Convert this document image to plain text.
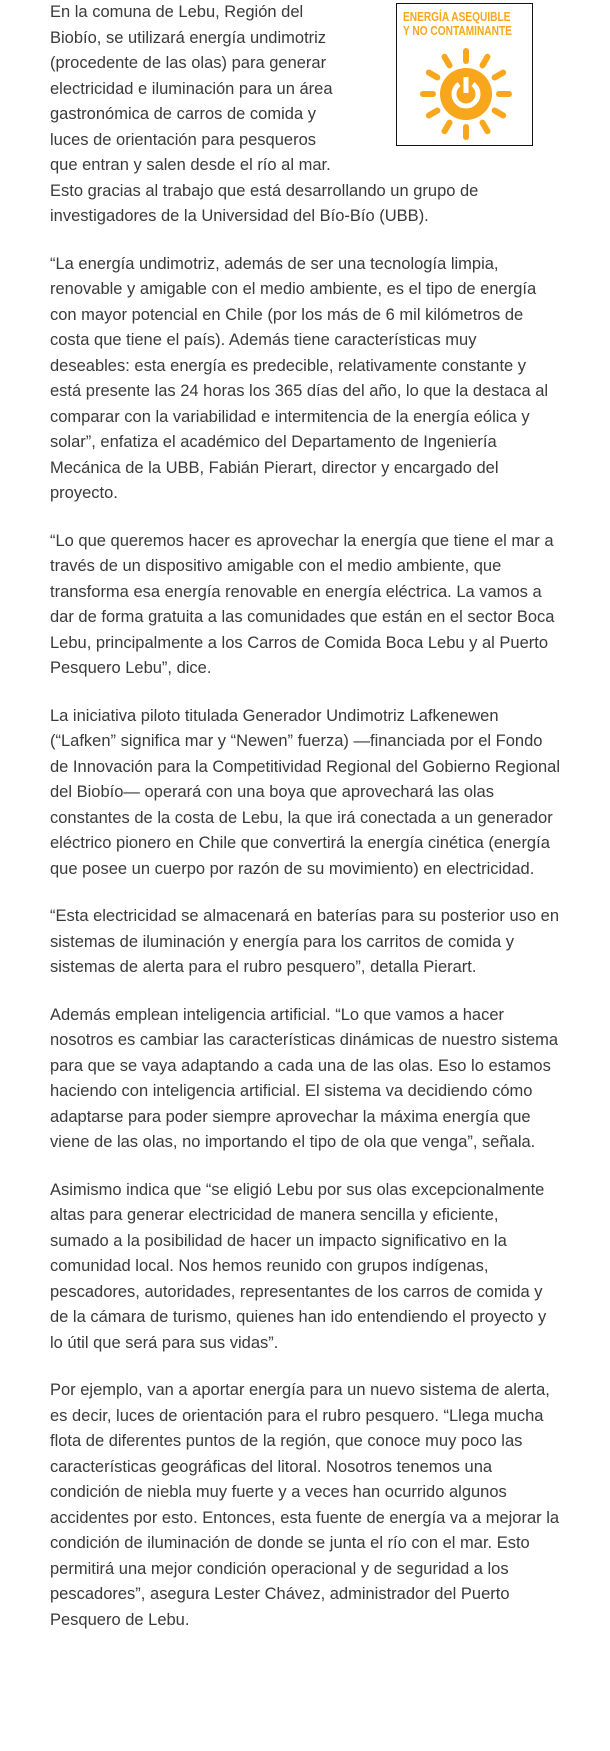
ENERGÍA ASEQUIBLE
Y NO CONTAMINANTE

En la comuna de Lebu, Región del Biobío, se utilizará energía undimotriz (procedente de las olas) para generar electricidad e iluminación para un área gastronómica de carros de comida y luces de orientación para pesqueros que entran y salen desde el río al mar. Esto gracias al trabajo que está desarrollando un grupo de investigadores de la Universidad del Bío-Bío (UBB).

“La energía undimotriz, además de ser una tecnología limpia, renovable y amigable con el medio ambiente, es el tipo de energía con mayor potencial en Chile (por los más de 6 mil kilómetros de costa que tiene el país). Además tiene características muy deseables: esta energía es predecible, relativamente constante y está presente las 24 horas los 365 días del año, lo que la destaca al comparar con la variabilidad e intermitencia de la energía eólica y solar”, enfatiza el académico del Departamento de Ingeniería Mecánica de la UBB, Fabián Pierart, director y encargado del proyecto.

“Lo que queremos hacer es aprovechar la energía que tiene el mar a través de un dispositivo amigable con el medio ambiente, que transforma esa energía renovable en energía eléctrica. La vamos a dar de forma gratuita a las comunidades que están en el sector Boca Lebu, principalmente a los Carros de Comida Boca Lebu y al Puerto Pesquero Lebu”, dice.

La iniciativa piloto titulada Generador Undimotriz Lafkenewen (“Lafken” significa mar y “Newen” fuerza) —financiada por el Fondo de Innovación para la Competitividad Regional del Gobierno Regional del Biobío— operará con una boya que aprovechará las olas constantes de la costa de Lebu, la que irá conectada a un generador eléctrico pionero en Chile que convertirá la energía cinética (energía que posee un cuerpo por razón de su movimiento) en electricidad.

“Esta electricidad se almacenará en baterías para su posterior uso en sistemas de iluminación y energía para los carritos de comida y sistemas de alerta para el rubro pesquero”, detalla Pierart.

Además emplean inteligencia artificial. “Lo que vamos a hacer nosotros es cambiar las características dinámicas de nuestro sistema para que se vaya adaptando a cada una de las olas. Eso lo estamos haciendo con inteligencia artificial. El sistema va decidiendo cómo adaptarse para poder siempre aprovechar la máxima energía que viene de las olas, no importando el tipo de ola que venga”, señala.

Asimismo indica que “se eligió Lebu por sus olas excepcionalmente altas para generar electricidad de manera sencilla y eficiente, sumado a la posibilidad de hacer un impacto significativo en la comunidad local. Nos hemos reunido con grupos indígenas, pescadores, autoridades, representantes de los carros de comida y de la cámara de turismo, quienes han ido entendiendo el proyecto y lo útil que será para sus vidas”.

Por ejemplo, van a aportar energía para un nuevo sistema de alerta, es decir, luces de orientación para el rubro pesquero. “Llega mucha flota de diferentes puntos de la región, que conoce muy poco las características geográficas del litoral. Nosotros tenemos una condición de niebla muy fuerte y a veces han ocurrido algunos accidentes por esto. Entonces, esta fuente de energía va a mejorar la condición de iluminación de donde se junta el río con el mar. Esto permitirá una mejor condición operacional y de seguridad a los pescadores”, asegura Lester Chávez, administrador del Puerto Pesquero de Lebu.
